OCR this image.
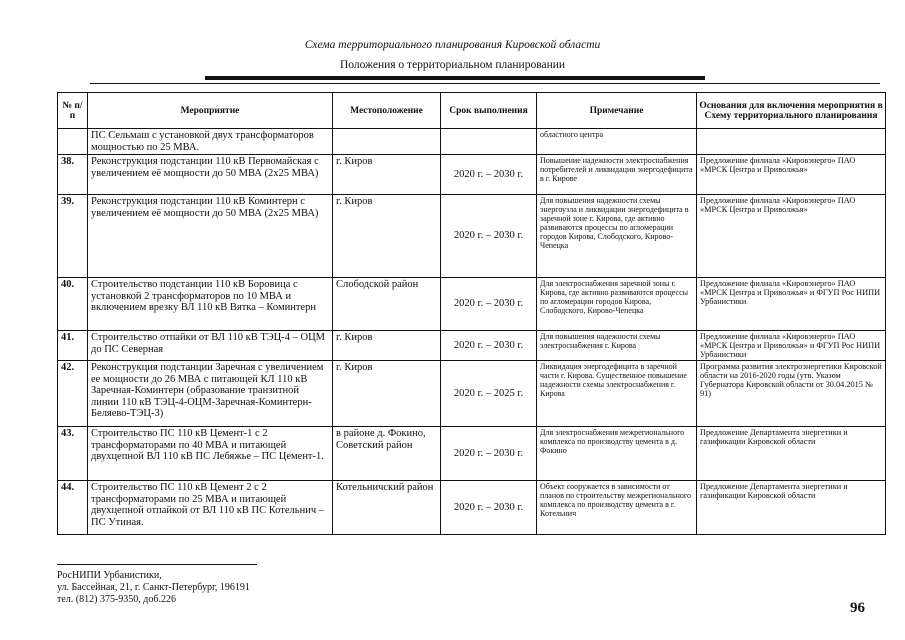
Схема территориального планирования Кировской области
Положения о территориальном планировании
№ п/п	Мероприятие	Местоположение	Срок выполнения	Примечание	Основания для включения мероприятия в Схему территориального планирования
	ПС Сельмаш с установкой двух трансформаторов мощностью по 25 МВА.			областного центра	
38.	Реконструкция подстанции 110 кВ Первомайская с увеличением её мощности до 50 МВА (2х25 МВА)	г. Киров	2020 г. – 2030 г.	Повышение надежности электроснабжения потребителей и ликвидации энергодефицита в г. Кирове	Предложение филиала «Кировэнерго» ПАО «МРСК Центра и Приволжья»
39.	Реконструкция подстанции 110 кВ Коминтерн с увеличением её мощности до 50 МВА (2х25 МВА)	г. Киров	2020 г. – 2030 г.	Для повышения надежности схемы энергоузла и ликвидации энергодефицита в заречной зоне г. Кирова, где активно развиваются процессы по агломерации городов Кирова, Слободского, Кирово-Чепецка	Предложение филиала «Кировэнерго» ПАО «МРСК Центра и Приволжья»
40.	Строительство подстанции 110 кВ Боровица с установкой 2 трансформаторов по 10 МВА и включением врезку ВЛ 110 кВ Вятка – Коминтерн	Слободской район	2020 г. – 2030 г.	Для электроснабжения заречной зоны г. Кирова, где активно развиваются процессы по агломерации городов Кирова, Слободского, Кирово-Чепецка	Предложение филиала «Кировэнерго» ПАО «МРСК Центра и Приволжья» и ФГУП Рос НИПИ Урбанистики
41.	Строительство отпайки от ВЛ 110 кВ ТЭЦ-4 – ОЦМ до ПС Северная	г. Киров	2020 г. – 2030 г.	Для повышения надежности схемы электроснабжения г. Кирова	Предложение филиала «Кировэнерго» ПАО «МРСК Центра и Приволжья» и ФГУП Рос НИПИ Урбанистики
42.	Реконструкция подстанции Заречная с увеличением ее мощности до 26 МВА с питающей КЛ 110 кВ Заречная-Коминтерн (образование транзитной линии 110 кВ ТЭЦ-4-ОЦМ-Заречная-Коминтерн-Беляево-ТЭЦ-3)	г. Киров	2020 г. – 2025 г.	Ликвидация энергодефицита в заречной части г. Кирова. Существенное повышение надежности схемы электроснабжения г. Кирова	Программа развития электроэнергетики Кировской области на 2016-2020 годы (утв. Указом Губернатора Кировской области от 30.04.2015 № 91)
43.	Строительство ПС 110 кВ Цемент-1 с 2 трансформаторами по 40 МВА и питающей двухцепной ВЛ 110 кВ ПС Лебяжье – ПС Цемент-1.	в районе д. Фокино, Советский район	2020 г. – 2030 г.	Для электроснабжения межрегионального комплекса по производству цемента в д. Фокино	Предложение Департамента энергетики и газификации Кировской области
44.	Строительство ПС 110 кВ Цемент 2 с 2 трансформаторами по 25 МВА и питающей двухцепной отпайкой от ВЛ 110 кВ ПС Котельнич – ПС Утиная.	Котельничский район	2020 г. – 2030 г.	Объект сооружается в зависимости от планов по строительству межрегионального комплекса по производству цемента в г. Котельнич	Предложение Департамента энергетики и газификации Кировской области
РосНИПИ Урбанистики,
ул. Бассейная, 21, г. Санкт-Петербург, 196191
тел. (812) 375-9350, доб.226
96
